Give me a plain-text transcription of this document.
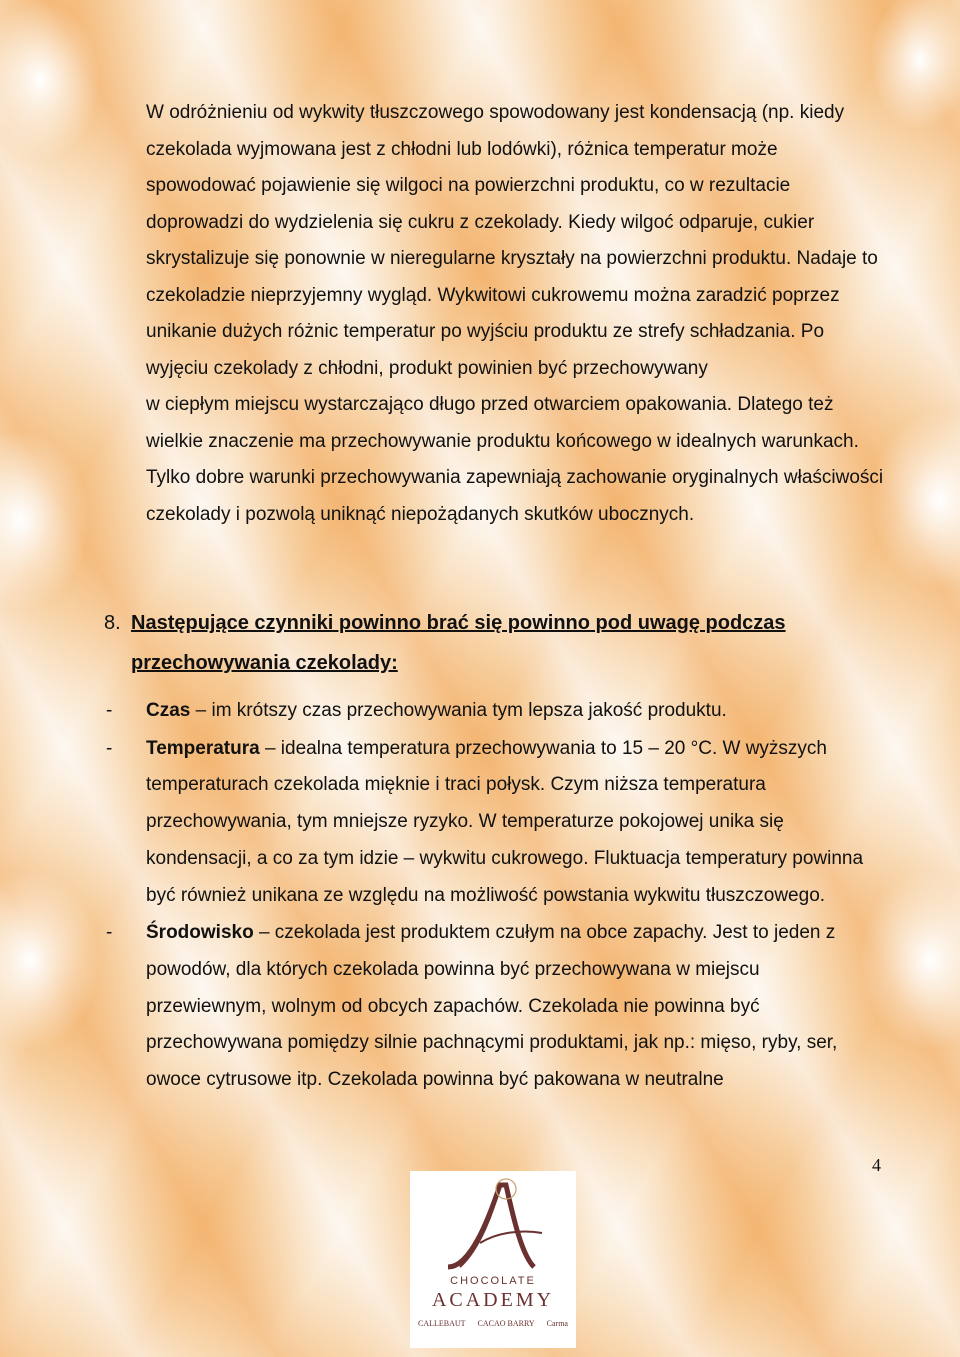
W odróżnieniu od wykwity tłuszczowego spowodowany jest kondensacją (np. kiedy czekolada wyjmowana jest z chłodni lub lodówki), różnica temperatur może spowodować pojawienie się wilgoci na powierzchni produktu, co w rezultacie doprowadzi do wydzielenia się cukru z czekolady. Kiedy wilgoć odparuje, cukier skrystalizuje się ponownie w nieregularne kryształy na powierzchni produktu. Nadaje to czekoladzie nieprzyjemny wygląd. Wykwitowi cukrowemu można zaradzić poprzez unikanie dużych różnic temperatur po wyjściu produktu ze strefy schładzania. Po wyjęciu czekolady z chłodni, produkt powinien być przechowywany
w ciepłym miejscu wystarczająco długo przed otwarciem opakowania. Dlatego też wielkie znaczenie ma przechowywanie produktu końcowego w idealnych warunkach. Tylko dobre warunki przechowywania zapewniają zachowanie oryginalnych właściwości czekolady i pozwolą uniknąć niepożądanych skutków ubocznych.

8. Następujące czynniki powinno brać się powinno pod uwagę podczas przechowywania czekolady:
- Czas – im krótszy czas przechowywania tym lepsza jakość produktu.
- Temperatura – idealna temperatura przechowywania to 15 – 20 °C. W wyższych temperaturach czekolada mięknie i traci połysk. Czym niższa temperatura przechowywania, tym mniejsze ryzyko. W temperaturze pokojowej unika się kondensacji, a co za tym idzie – wykwitu cukrowego. Fluktuacja temperatury powinna być również unikana ze względu na możliwość powstania wykwitu tłuszczowego.
- Środowisko – czekolada jest produktem czułym na obce zapachy. Jest to jeden z powodów, dla których czekolada powinna być przechowywana w miejscu przewiewnym, wolnym od obcych zapachów. Czekolada nie powinna być przechowywana pomiędzy silnie pachnącymi produktami, jak np.: mięso, ryby, ser, owoce cytrusowe itp. Czekolada powinna być pakowana w neutralne
4
CHOCOLATE
ACADEMY
CALLEBAUT CACAO BARRY Carma
